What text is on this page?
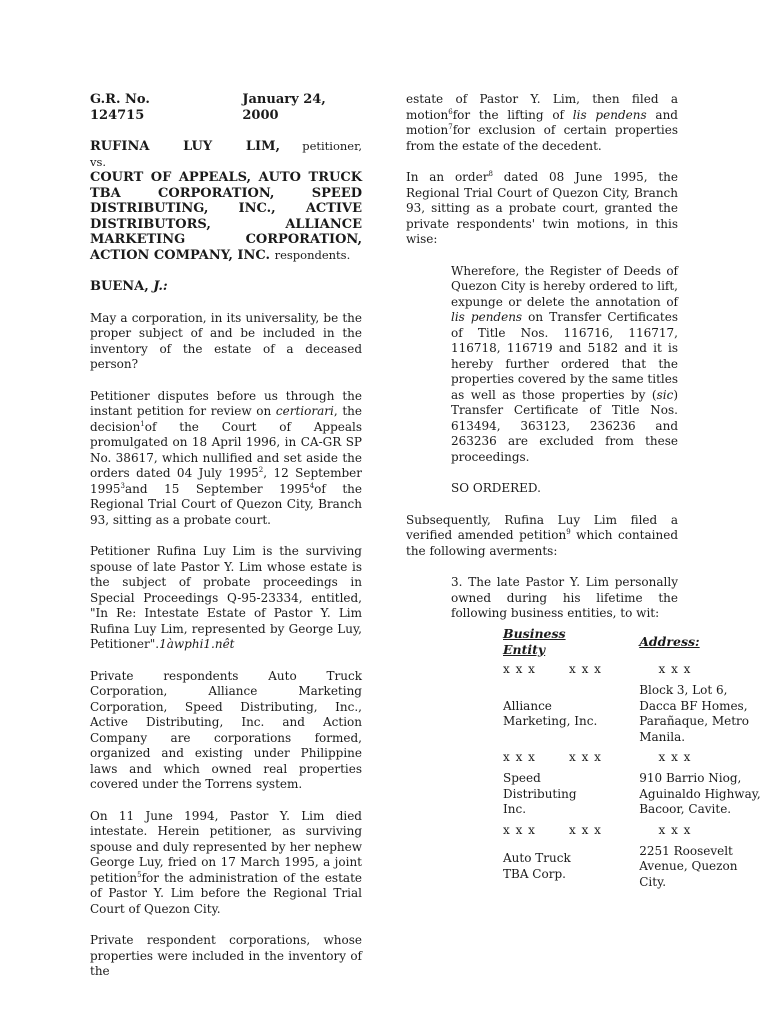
G.R. No. 124715
January 24, 2000
RUFINA	LUY	LIM, petitioner,
vs.

COURT OF APPEALS, AUTO TRUCK TBA CORPORATION, SPEED DISTRIBUTING, INC., ACTIVE DISTRIBUTORS, ALLIANCE MARKETING CORPORATION, ACTION COMPANY, INC. respondents.

BUENA, J.:

May a corporation, in its universality, be the proper subject of and be included in the inventory of the estate of a deceased person?

Petitioner disputes before us through the instant petition for review on certiorari, the decision$^1$of the Court of Appeals promulgated on 18 April 1996, in CA-GR SP No. 38617, which nullified and set aside the orders dated 04 July 1995$^2$, 12 September 1995$^3$and 15 September 1995$^4$of the Regional Trial Court of Quezon City, Branch 93, sitting as a probate court.

Petitioner Rufina Luy Lim is the surviving spouse of late Pastor Y. Lim whose estate is the subject of probate proceedings in Special Proceedings Q-95-23334, entitled, "In Re: Intestate Estate of Pastor Y. Lim Rufina Luy Lim, represented by George Luy, Petitioner".1àwphi1.nêt

Private respondents Auto Truck Corporation, Alliance Marketing Corporation, Speed Distributing, Inc., Active Distributing, Inc. and Action Company are corporations formed, organized and existing under Philippine laws and which owned real properties covered under the Torrens system.

On 11 June 1994, Pastor Y. Lim died intestate. Herein petitioner, as surviving spouse and duly represented by her nephew George Luy, fried on 17 March 1995, a joint petition$^5$for the administration of the estate of Pastor Y. Lim before the Regional Trial Court of Quezon City.

Private respondent corporations, whose properties were included in the inventory of the

estate of Pastor Y. Lim, then filed a motion$^6$for the lifting of lis pendens and motion$^7$for exclusion of certain properties from the estate of the decedent.

In an order$^8$ dated 08 June 1995, the Regional Trial Court of Quezon City, Branch 93, sitting as a probate court, granted the private respondents' twin motions, in this wise:

Wherefore, the Register of Deeds of Quezon City is hereby ordered to lift, expunge or delete the annotation of lis pendens on Transfer Certificates of Title Nos. 116716, 116717, 116718, 116719 and 5182 and it is hereby further ordered that the properties covered by the same titles as well as those properties by (sic) Transfer Certificate of Title Nos. 613494, 363123, 236236 and 263236 are excluded from these proceedings.

SO ORDERED.

Subsequently, Rufina Luy Lim filed a verified amended petition$^9$ which contained the following averments:

3. The late Pastor Y. Lim personally owned during his lifetime the following business entities, to wit:

Business Entity	Address:
x x x x x x	x x x
Alliance Marketing, Inc.	Block 3, Lot 6, Dacca BF Homes, Parañaque, Metro Manila.
x x x x x x	x x x
Speed Distributing Inc.	910 Barrio Niog, Aguinaldo Highway, Bacoor, Cavite.
x x x x x x	x x x
Auto Truck TBA Corp.	2251 Roosevelt Avenue, Quezon City.
